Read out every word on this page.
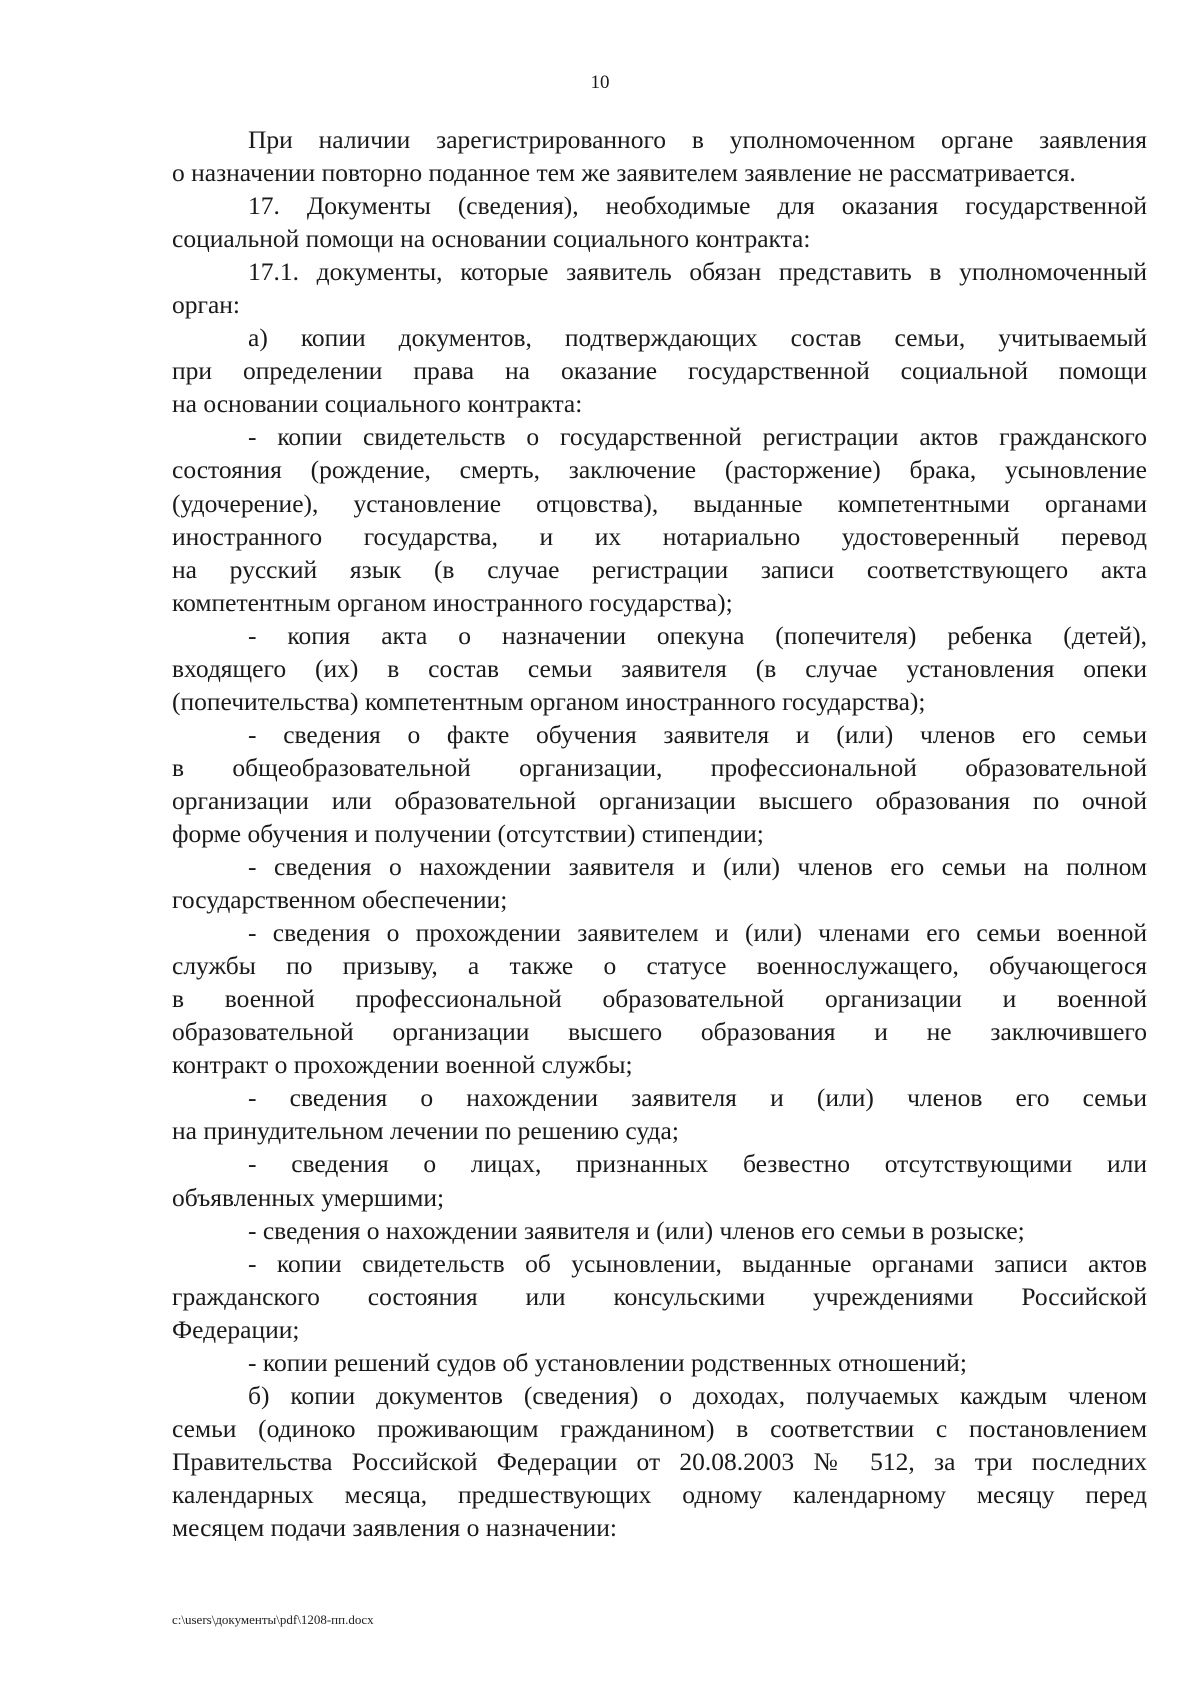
10
При наличии зарегистрированного в уполномоченном органе заявления
о назначении повторно поданное тем же заявителем заявление не рассматривается.
17. Документы (сведения), необходимые для оказания государственной
социальной помощи на основании социального контракта:
17.1. документы, которые заявитель обязан представить в уполномоченный
орган:
а) копии документов, подтверждающих состав семьи, учитываемый
при определении права на оказание государственной социальной помощи
на основании социального контракта:
- копии свидетельств о государственной регистрации актов гражданского
состояния (рождение, смерть, заключение (расторжение) брака, усыновление
(удочерение), установление отцовства), выданные компетентными органами
иностранного государства, и их нотариально удостоверенный перевод
на русский язык (в случае регистрации записи соответствующего акта
компетентным органом иностранного государства);
- копия акта о назначении опекуна (попечителя) ребенка (детей),
входящего (их) в состав семьи заявителя (в случае установления опеки
(попечительства) компетентным органом иностранного государства);
- сведения о факте обучения заявителя и (или) членов его семьи
в общеобразовательной организации, профессиональной образовательной
организации или образовательной организации высшего образования по очной
форме обучения и получении (отсутствии) стипендии;
- сведения о нахождении заявителя и (или) членов его семьи на полном
государственном обеспечении;
- сведения о прохождении заявителем и (или) членами его семьи военной
службы по призыву, а также о статусе военнослужащего, обучающегося
в военной профессиональной образовательной организации и военной
образовательной организации высшего образования и не заключившего
контракт о прохождении военной службы;
- сведения о нахождении заявителя и (или) членов его семьи
на принудительном лечении по решению суда;
- сведения о лицах, признанных безвестно отсутствующими или
объявленных умершими;
- сведения о нахождении заявителя и (или) членов его семьи в розыске;
- копии свидетельств об усыновлении, выданные органами записи актов
гражданского состояния или консульскими учреждениями Российской
Федерации;
- копии решений судов об установлении родственных отношений;
б) копии документов (сведения) о доходах, получаемых каждым членом
семьи (одиноко проживающим гражданином) в соответствии с постановлением
Правительства Российской Федерации от 20.08.2003 № 512, за три последних
календарных месяца, предшествующих одному календарному месяцу перед
месяцем подачи заявления о назначении:
c:\users\документы\pdf\1208-пп.docx
